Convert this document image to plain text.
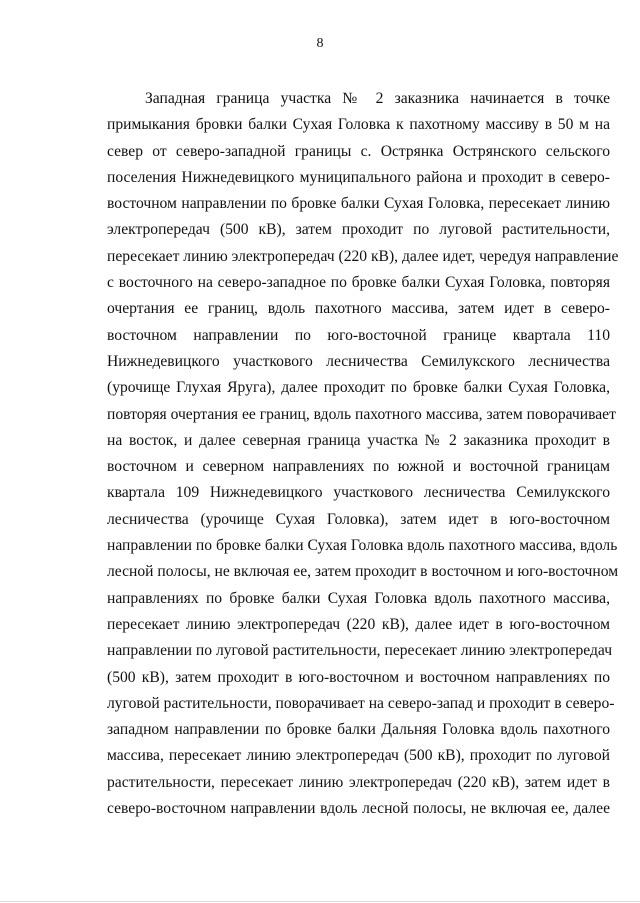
8
Западная граница участка № 2 заказника начинается в точке
примыкания бровки балки Сухая Головка к пахотному массиву в 50 м на
север от северо-западной границы с. Острянка Острянского сельского
поселения Нижнедевицкого муниципального района и проходит в северо-
восточном направлении по бровке балки Сухая Головка, пересекает линию
электропередач (500 кВ), затем проходит по луговой растительности,
пересекает линию электропередач (220 кВ), далее идет, чередуя направление
с восточного на северо-западное по бровке балки Сухая Головка, повторяя
очертания ее границ, вдоль пахотного массива, затем идет в северо-
восточном направлении по юго-восточной границе квартала 110
Нижнедевицкого участкового лесничества Семилукского лесничества
(урочище Глухая Яруга), далее проходит по бровке балки Сухая Головка,
повторяя очертания ее границ, вдоль пахотного массива, затем поворачивает
на восток, и далее северная граница участка № 2 заказника проходит в
восточном и северном направлениях по южной и восточной границам
квартала 109 Нижнедевицкого участкового лесничества Семилукского
лесничества (урочище Сухая Головка), затем идет в юго-восточном
направлении по бровке балки Сухая Головка вдоль пахотного массива, вдоль
лесной полосы, не включая ее, затем проходит в восточном и юго-восточном
направлениях по бровке балки Сухая Головка вдоль пахотного массива,
пересекает линию электропередач (220 кВ), далее идет в юго-восточном
направлении по луговой растительности, пересекает линию электропередач
(500 кВ), затем проходит в юго-восточном и восточном направлениях по
луговой растительности, поворачивает на северо-запад и проходит в северо-
западном направлении по бровке балки Дальняя Головка вдоль пахотного
массива, пересекает линию электропередач (500 кВ), проходит по луговой
растительности, пересекает линию электропередач (220 кВ), затем идет в
северо-восточном направлении вдоль лесной полосы, не включая ее, далее
